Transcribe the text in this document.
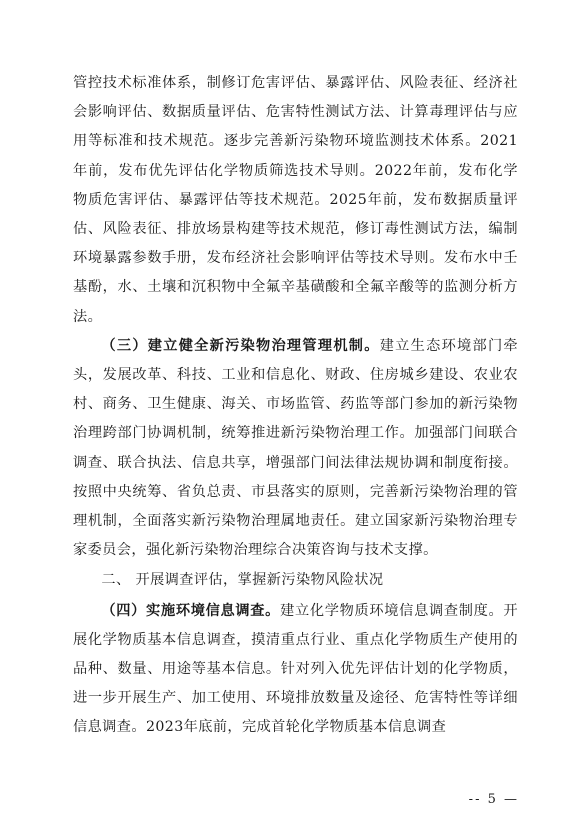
管控技术标准体系，制修订危害评估、暴露评估、风险表征、经济社会影响评估、数据质量评估、危害特性测试方法、计算毒理评估与应用等标准和技术规范。逐步完善新污染物环境监测技术体系。2021年前，发布优先评估化学物质筛选技术导则。2022年前，发布化学物质危害评估、暴露评估等技术规范。2025年前，发布数据质量评估、风险表征、排放场景构建等技术规范，修订毒性测试方法，编制环境暴露参数手册，发布经济社会影响评估等技术导则。发布水中壬基酚，水、土壤和沉积物中全氟辛基磺酸和全氟辛酸等的监测分析方法。

（三）建立健全新污染物治理管理机制。建立生态环境部门牵头，发展改革、科技、工业和信息化、财政、住房城乡建设、农业农村、商务、卫生健康、海关、市场监管、药监等部门参加的新污染物治理跨部门协调机制，统筹推进新污染物治理工作。加强部门间联合调查、联合执法、信息共享，增强部门间法律法规协调和制度衔接。按照中央统筹、省负总责、市县落实的原则，完善新污染物治理的管理机制，全面落实新污染物治理属地责任。建立国家新污染物治理专家委员会，强化新污染物治理综合决策咨询与技术支撑。

二、 开展调查评估，掌握新污染物风险状况

（四）实施环境信息调查。建立化学物质环境信息调查制度。开展化学物质基本信息调查，摸清重点行业、重点化学物质生产使用的品种、数量、用途等基本信息。针对列入优先评估计划的化学物质，进一步开展生产、加工使用、环境排放数量及途径、危害特性等详细信息调查。2023年底前，完成首轮化学物质基本信息调查

-- 5 —
